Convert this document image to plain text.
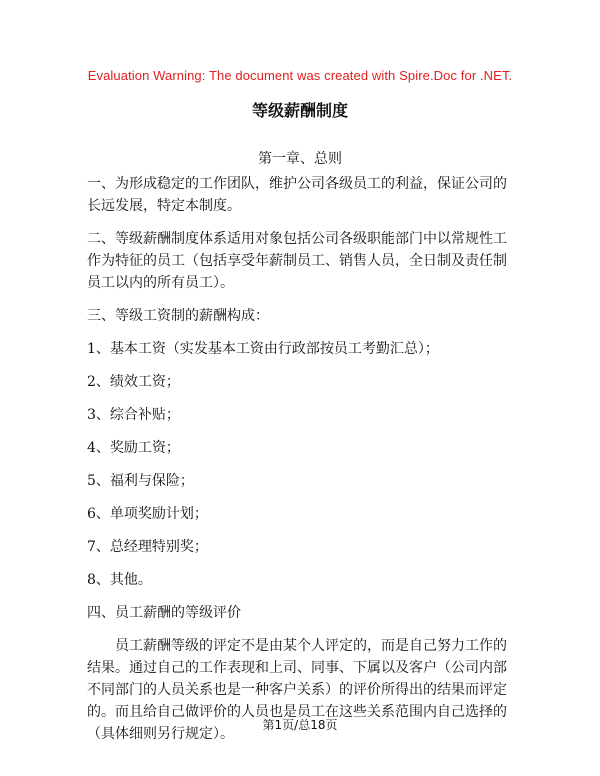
Evaluation Warning: The document was created with Spire.Doc for .NET.
等级薪酬制度
第一章、总则

一、为形成稳定的工作团队，维护公司各级员工的利益，保证公司的长远发展，特定本制度。

二、等级薪酬制度体系适用对象包括公司各级职能部门中以常规性工作为特征的员工（包括享受年薪制员工、销售人员，全日制及责任制员工以内的所有员工）。

三、等级工资制的薪酬构成：

1、基本工资（实发基本工资由行政部按员工考勤汇总）；

2、绩效工资；

3、综合补贴；

4、奖励工资；

5、福利与保险；

6、单项奖励计划；

7、总经理特别奖；

8、其他。

四、员工薪酬的等级评价

员工薪酬等级的评定不是由某个人评定的，而是自己努力工作的结果。通过自己的工作表现和上司、同事、下属以及客户（公司内部不同部门的人员关系也是一种客户关系）的评价所得出的结果而评定的。而且给自己做评价的人员也是员工在这些关系范围内自己选择的（具体细则另行规定）。

第1页/总18页
